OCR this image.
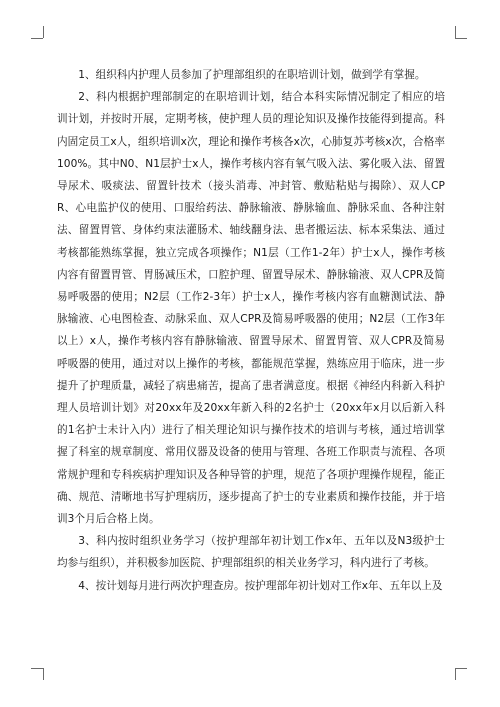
1、组织科内护理人员参加了护理部组织的在职培训计划，做到学有掌握。

2、科内根据护理部制定的在职培训计划，结合本科实际情况制定了相应的培训计划，并按时开展，定期考核，使护理人员的理论知识及操作技能得到提高。科内固定员工x人，组织培训x次，理论和操作考核各x次，心肺复苏考核x次，合格率100%。其中N0、N1层护士x人，操作考核内容有氧气吸入法、雾化吸入法、留置导尿术、吸痰法、留置针技术（接头消毒、冲封管、敷贴粘贴与揭除）、双人CPR、心电监护仪的使用、口服给药法、静脉输液、静脉输血、静脉采血、各种注射法、留置胃管、身体约束法灌肠术、轴线翻身法、患者搬运法、标本采集法、通过考核都能熟练掌握，独立完成各项操作；N1层（工作1-2年）护士x人，操作考核内容有留置胃管、胃肠减压术，口腔护理、留置导尿术、静脉输液、双人CPR及简易呼吸器的使用；N2层（工作2-3年）护士x人，操作考核内容有血糖测试法、静脉输液、心电图检查、动脉采血、双人CPR及简易呼吸器的使用；N2层（工作3年以上）x人，操作考核内容有静脉输液、留置导尿术、留置胃管、双人CPR及简易呼吸器的使用，通过对以上操作的考核，都能规范掌握，熟练应用于临床，进一步提升了护理质量，减轻了病患痛苦，提高了患者满意度。根据《神经内科新入科护理人员培训计划》对20xx年及20xx年新入科的2名护士（20xx年x月以后新入科的1名护士未计入内）进行了相关理论知识与操作技术的培训与考核，通过培训掌握了科室的规章制度、常用仪器及设备的使用与管理、各班工作职责与流程、各项常规护理和专科疾病护理知识及各种导管的护理，规范了各项护理操作规程，能正确、规范、清晰地书写护理病历，逐步提高了护士的专业素质和操作技能，并于培训3个月后合格上岗。

3、科内按时组织业务学习（按护理部年初计划工作x年、五年以及N3级护士均参与组织），并积极参加医院、护理部组织的相关业务学习，科内进行了考核。

4、按计划每月进行两次护理查房。按护理部年初计划对工作x年、五年以上及
